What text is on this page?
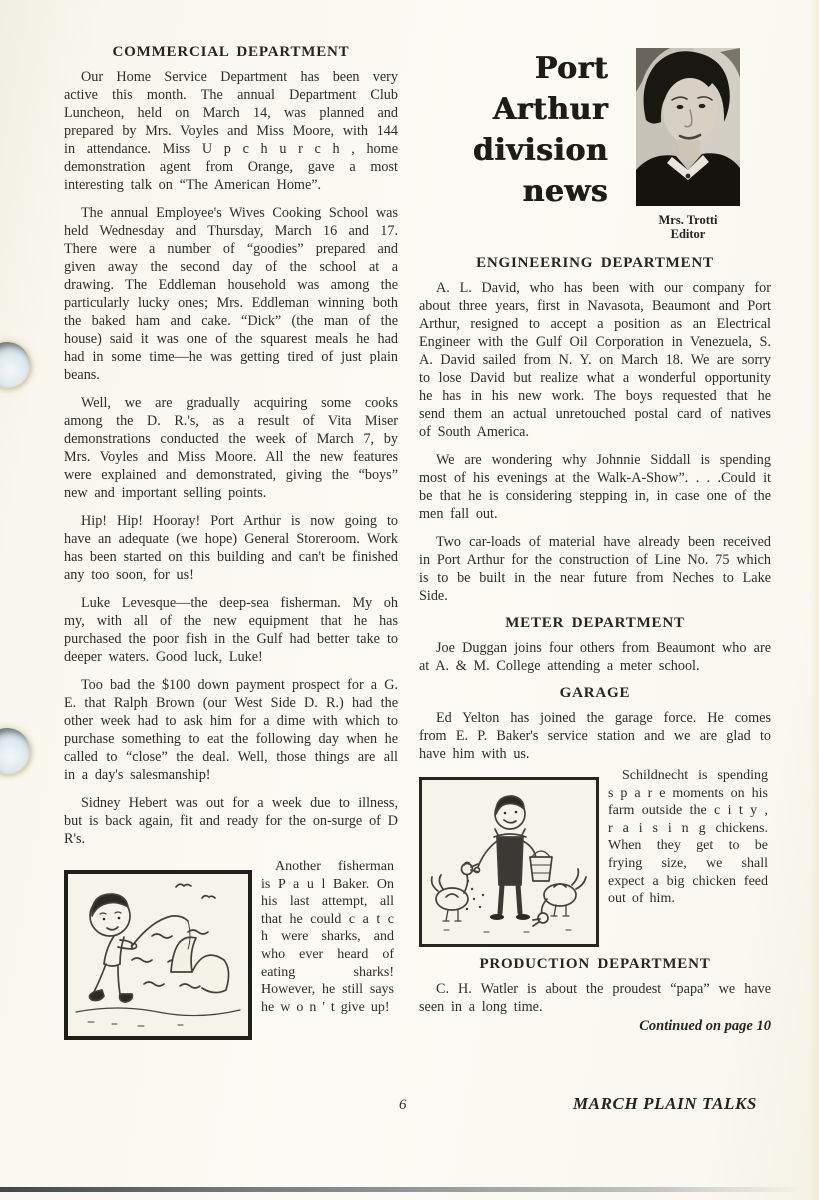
COMMERCIAL DEPARTMENT

Our Home Service Department has been very active this month. The annual Department Club Luncheon, held on March 14, was planned and prepared by Mrs. Voyles and Miss Moore, with 144 in attendance. Miss U p c h u r c h , home demonstration agent from Orange, gave a most interesting talk on “The American Home”.

The annual Employee's Wives Cooking School was held Wednesday and Thursday, March 16 and 17. There were a number of “goodies” prepared and given away the second day of the school at a drawing. The Eddleman household was among the particularly lucky ones; Mrs. Eddleman winning both the baked ham and cake. “Dick” (the man of the house) said it was one of the squarest meals he had had in some time—he was getting tired of just plain beans.

Well, we are gradually acquiring some cooks among the D. R.'s, as a result of Vita Miser demonstrations conducted the week of March 7, by Mrs. Voyles and Miss Moore. All the new features were explained and demonstrated, giving the “boys” new and important selling points.

Hip! Hip! Hooray! Port Arthur is now going to have an adequate (we hope) General Storeroom. Work has been started on this building and can't be finished any too soon, for us!

Luke Levesque—the deep-sea fisherman. My oh my, with all of the new equipment that he has purchased the poor fish in the Gulf had better take to deeper waters. Good luck, Luke!

Too bad the $100 down payment prospect for a G. E. that Ralph Brown (our West Side D. R.) had the other week had to ask him for a dime with which to purchase something to eat the following day when he called to “close” the deal. Well, those things are all in a day's salesmanship!

Sidney Hebert was out for a week due to illness, but is back again, fit and ready for the on-surge of D R's.

Another fisherman is P a u l Baker. On his last attempt, all that he could c a t c h were sharks, and who ever heard of eating sharks! However, he still says he w o n ' t give up!
Port Arthur
division
news
Mrs. Trotti
Editor
ENGINEERING DEPARTMENT

A. L. David, who has been with our company for about three years, first in Navasota, Beaumont and Port Arthur, resigned to accept a position as an Electrical Engineer with the Gulf Oil Corporation in Venezuela, S. A. David sailed from N. Y. on March 18. We are sorry to lose David but realize what a wonderful opportunity he has in his new work. The boys requested that he send them an actual unretouched postal card of natives of South America.

We are wondering why Johnnie Siddall is spending most of his evenings at the Walk-A-Show”. . . .Could it be that he is considering stepping in, in case one of the men fall out.

Two car-loads of material have already been received in Port Arthur for the construction of Line No. 75 which is to be built in the near future from Neches to Lake Side.

METER DEPARTMENT

Joe Duggan joins four others from Beaumont who are at A. & M. College attending a meter school.

GARAGE

Ed Yelton has joined the garage force. He comes from E. P. Baker's service station and we are glad to have him with us.

Schildnecht is spending s p a r e moments on his farm outside the c i t y , r a i s i n g chickens. When they get to be frying size, we shall expect a big chicken feed out of him.
PRODUCTION DEPARTMENT

C. H. Watler is about the proudest “papa” we have seen in a long time.

Continued on page 10
6	MARCH PLAIN TALKS
